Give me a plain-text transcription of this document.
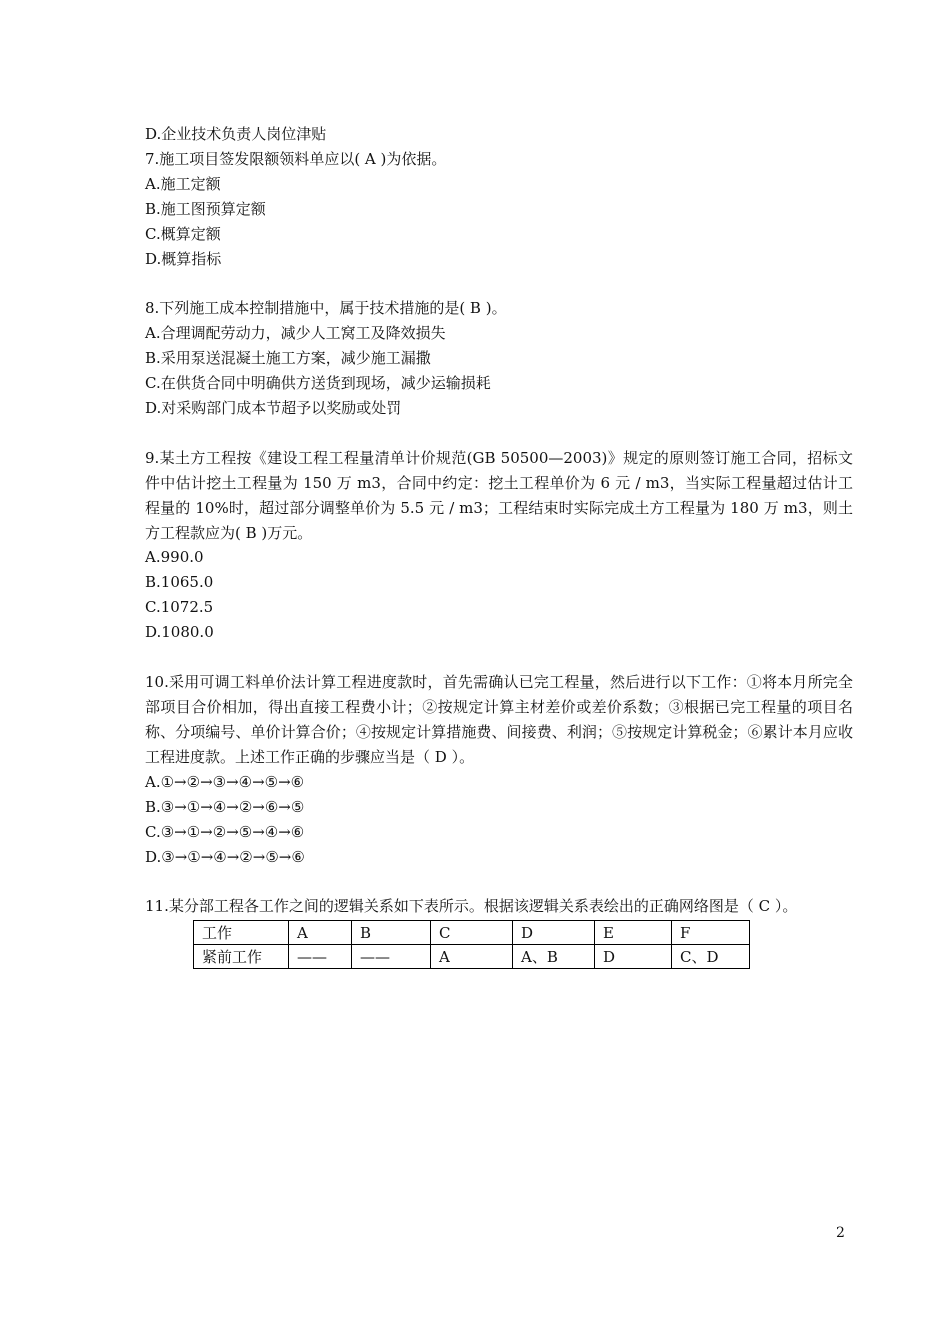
D.企业技术负责人岗位津贴
7.施工项目签发限额领料单应以( A )为依据。
A.施工定额
B.施工图预算定额
C.概算定额
D.概算指标
8.下列施工成本控制措施中，属于技术措施的是( B )。
A.合理调配劳动力，减少人工窝工及降效损失
B.采用泵送混凝土施工方案，减少施工漏撒
C.在供货合同中明确供方送货到现场，减少运输损耗
D.对采购部门成本节超予以奖励或处罚
9.某土方工程按《建设工程工程量清单计价规范(GB 50500—2003)》规定的原则签订施工合同，招标文件中估计挖土工程量为 150 万 m3，合同中约定：挖土工程单价为 6 元 / m3，当实际工程量超过估计工程量的 10%时，超过部分调整单价为 5.5 元 / m3；工程结束时实际完成土方工程量为 180 万 m3，则土方工程款应为( B )万元。
A.990.0
B.1065.0
C.1072.5
D.1080.0
10.采用可调工料单价法计算工程进度款时，首先需确认已完工程量，然后进行以下工作：①将本月所完全部项目合价相加，得出直接工程费小计；②按规定计算主材差价或差价系数；③根据已完工程量的项目名称、分项编号、单价计算合价；④按规定计算措施费、间接费、利润；⑤按规定计算税金；⑥累计本月应收工程进度款。上述工作正确的步骤应当是（ D ）。
A.①→②→③→④→⑤→⑥
B.③→①→④→②→⑥→⑤
C.③→①→②→⑤→④→⑥
D.③→①→④→②→⑤→⑥
11.某分部工程各工作之间的逻辑关系如下表所示。根据该逻辑关系表绘出的正确网络图是（ C ）。
工作	A	B	C	D	E	F
紧前工作	——	——	A	A、B	D	C、D
2
